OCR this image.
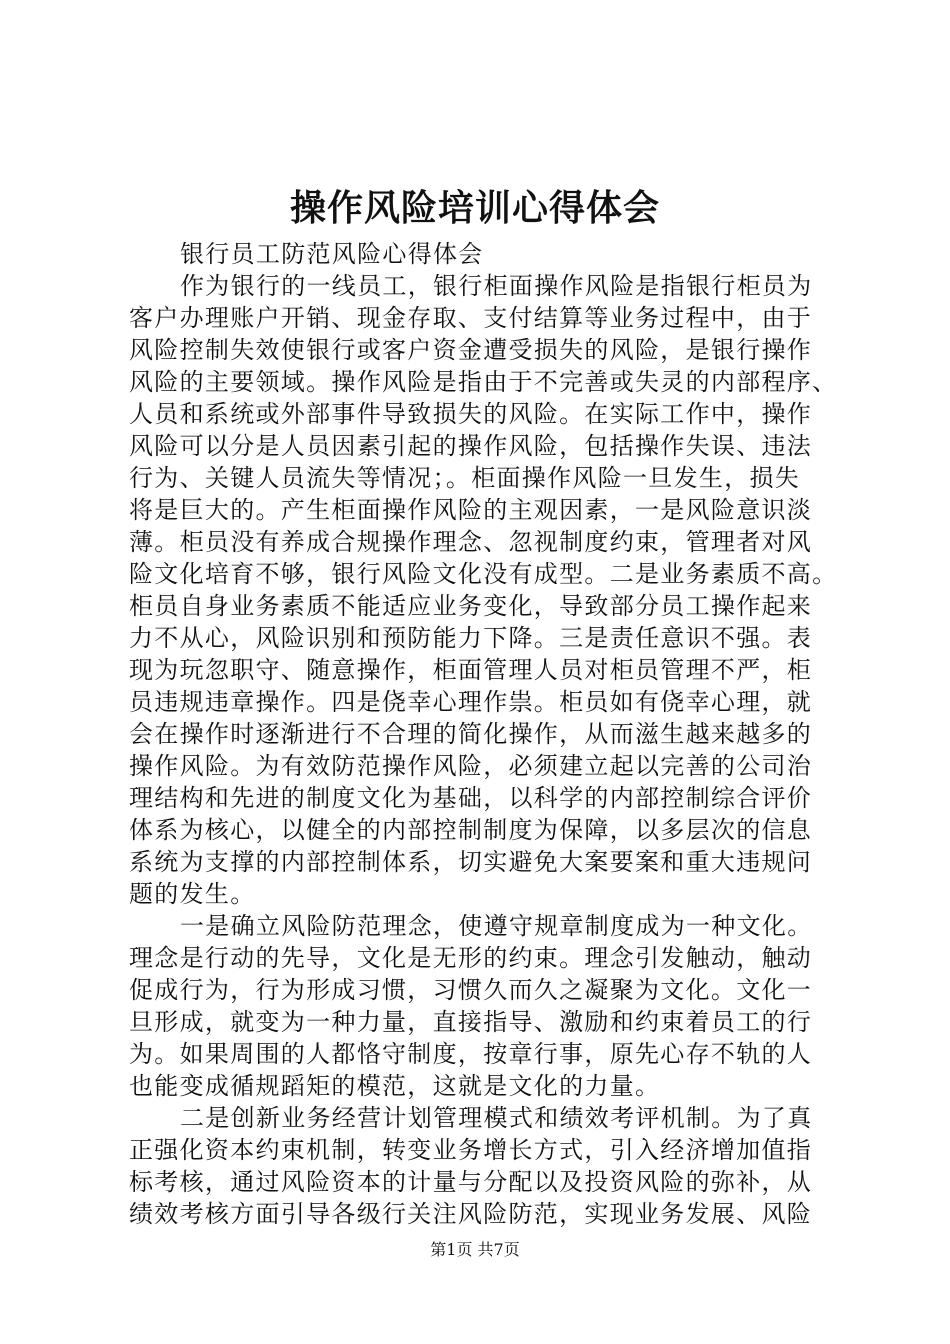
操作风险培训心得体会
银行员工防范风险心得体会
作为银行的一线员工，银行柜面操作风险是指银行柜员为
客户办理账户开销、现金存取、支付结算等业务过程中，由于
风险控制失效使银行或客户资金遭受损失的风险，是银行操作
风险的主要领域。操作风险是指由于不完善或失灵的内部程序、
人员和系统或外部事件导致损失的风险。在实际工作中，操作
风险可以分是人员因素引起的操作风险，包括操作失误、违法
行为、关键人员流失等情况；。柜面操作风险一旦发生，损失
将是巨大的。产生柜面操作风险的主观因素，一是风险意识淡
薄。柜员没有养成合规操作理念、忽视制度约束，管理者对风
险文化培育不够，银行风险文化没有成型。二是业务素质不高。
柜员自身业务素质不能适应业务变化，导致部分员工操作起来
力不从心，风险识别和预防能力下降。三是责任意识不强。表
现为玩忽职守、随意操作，柜面管理人员对柜员管理不严，柜
员违规违章操作。四是侥幸心理作祟。柜员如有侥幸心理，就
会在操作时逐渐进行不合理的简化操作，从而滋生越来越多的
操作风险。为有效防范操作风险，必须建立起以完善的公司治
理结构和先进的制度文化为基础，以科学的内部控制综合评价
体系为核心，以健全的内部控制制度为保障，以多层次的信息
系统为支撑的内部控制体系，切实避免大案要案和重大违规问
题的发生。
一是确立风险防范理念，使遵守规章制度成为一种文化。
理念是行动的先导，文化是无形的约束。理念引发触动，触动
促成行为，行为形成习惯，习惯久而久之凝聚为文化。文化一
旦形成，就变为一种力量，直接指导、激励和约束着员工的行
为。如果周围的人都恪守制度，按章行事，原先心存不轨的人
也能变成循规蹈矩的模范，这就是文化的力量。
二是创新业务经营计划管理模式和绩效考评机制。为了真
正强化资本约束机制，转变业务增长方式，引入经济增加值指
标考核，通过风险资本的计量与分配以及投资风险的弥补，从
绩效考核方面引导各级行关注风险防范，实现业务发展、风险
第1页 共7页
